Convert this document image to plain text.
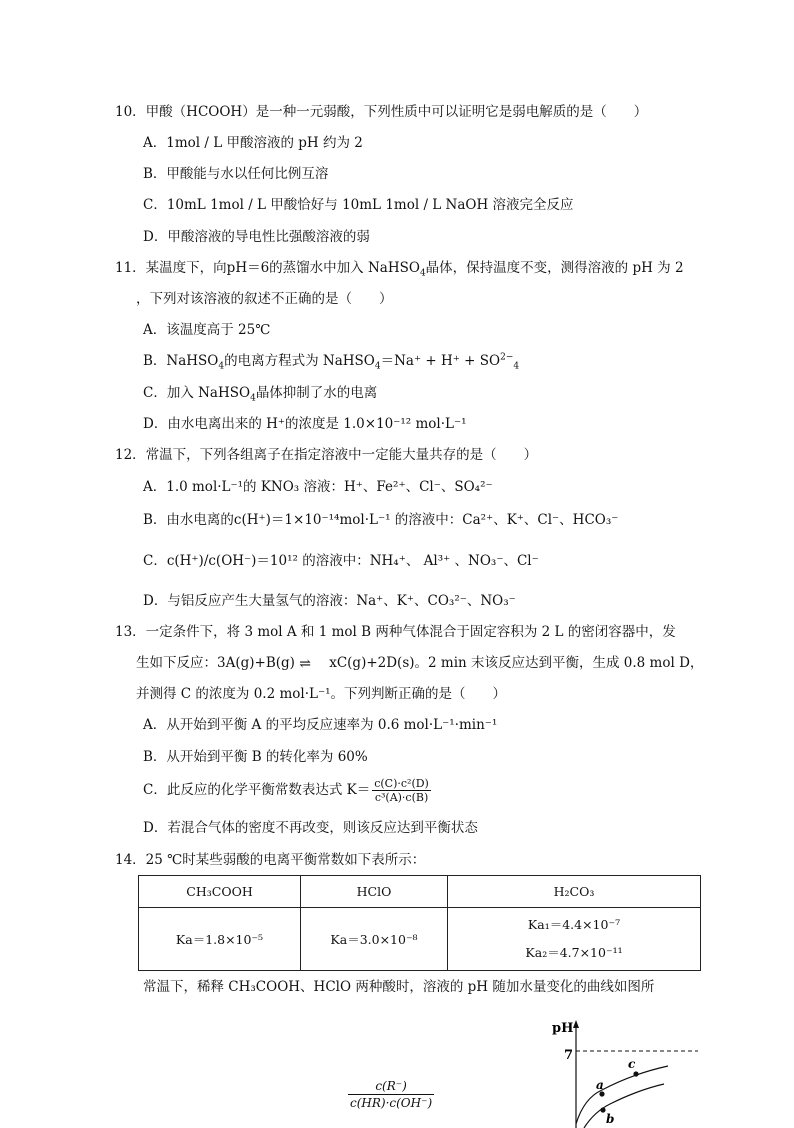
10．甲酸（HCOOH）是一种一元弱酸，下列性质中可以证明它是弱电解质的是（　　）
A．1mol / L 甲酸溶液的 pH 约为 2
B．甲酸能与水以任何比例互溶
C．10mL 1mol / L 甲酸恰好与 10mL 1mol / L NaOH 溶液完全反应
D．甲酸溶液的导电性比强酸溶液的弱
11．某温度下，向pH＝6的蒸馏水中加入 NaHSO$_4$晶体，保持温度不变，测得溶液的 pH 为 2
，下列对该溶液的叙述不正确的是（　　）
A．该温度高于 25℃
B．NaHSO$_4$的电离方程式为 NaHSO$_4$＝Na⁺ + $H^+ + SO^{2-}_4$
C．加入 NaHSO$_4$晶体抑制了水的电离
D．由水电离出来的 H⁺的浓度是 1.0×10⁻¹² mol·L⁻¹
12．常温下，下列各组离子在指定溶液中一定能大量共存的是（　　）
A．1.0 mol·L⁻¹的 KNO₃ 溶液：H⁺、Fe²⁺、Cl⁻、SO₄²⁻
B．由水电离的c(H⁺)＝1×10⁻¹⁴mol·L⁻¹ 的溶液中：Ca²⁺、K⁺、Cl⁻、HCO₃⁻
C．c(H⁺)/c(OH⁻)＝10¹² 的溶液中：NH₄⁺、 Al³⁺ 、NO₃⁻、Cl⁻
D．与铝反应产生大量氢气的溶液：Na⁺、K⁺、CO₃²⁻、NO₃⁻
13．一定条件下，将 3 mol A 和 1 mol B 两种气体混合于固定容积为 2 L 的密闭容器中，发
生如下反应：3A(g)+B(g) ⇌ xC(g)+2D(s)。2 min 末该反应达到平衡，生成 0.8 mol D，
并测得 C 的浓度为 0.2 mol·L⁻¹。下列判断正确的是（　　）
A．从开始到平衡 A 的平均反应速率为 0.6 mol·L⁻¹·min⁻¹
B．从开始到平衡 B 的转化率为 60%
C．此反应的化学平衡常数表达式 $K= \frac{\text{c(C)·c²(D)}}{\text{c³(A)·c(B)}}$
D．若混合气体的密度不再改变，则该反应达到平衡状态
14．25 ℃时某些弱酸的电离平衡常数如下表所示：
CH₃COOH	HClO	H₂CO₃
Ka＝1.8×10⁻⁵	Ka＝3.0×10⁻⁸	Ka₁＝4.4×10⁻⁷
Ka₂＝4.7×10⁻¹¹
常温下，稀释 CH₃COOH、HClO 两种酸时，溶液的 pH 随加水量变化的曲线如图所
$\frac{c(R^-)}{c(HR)\cdot c(OH^-)}$
pH
7
a
b
c
